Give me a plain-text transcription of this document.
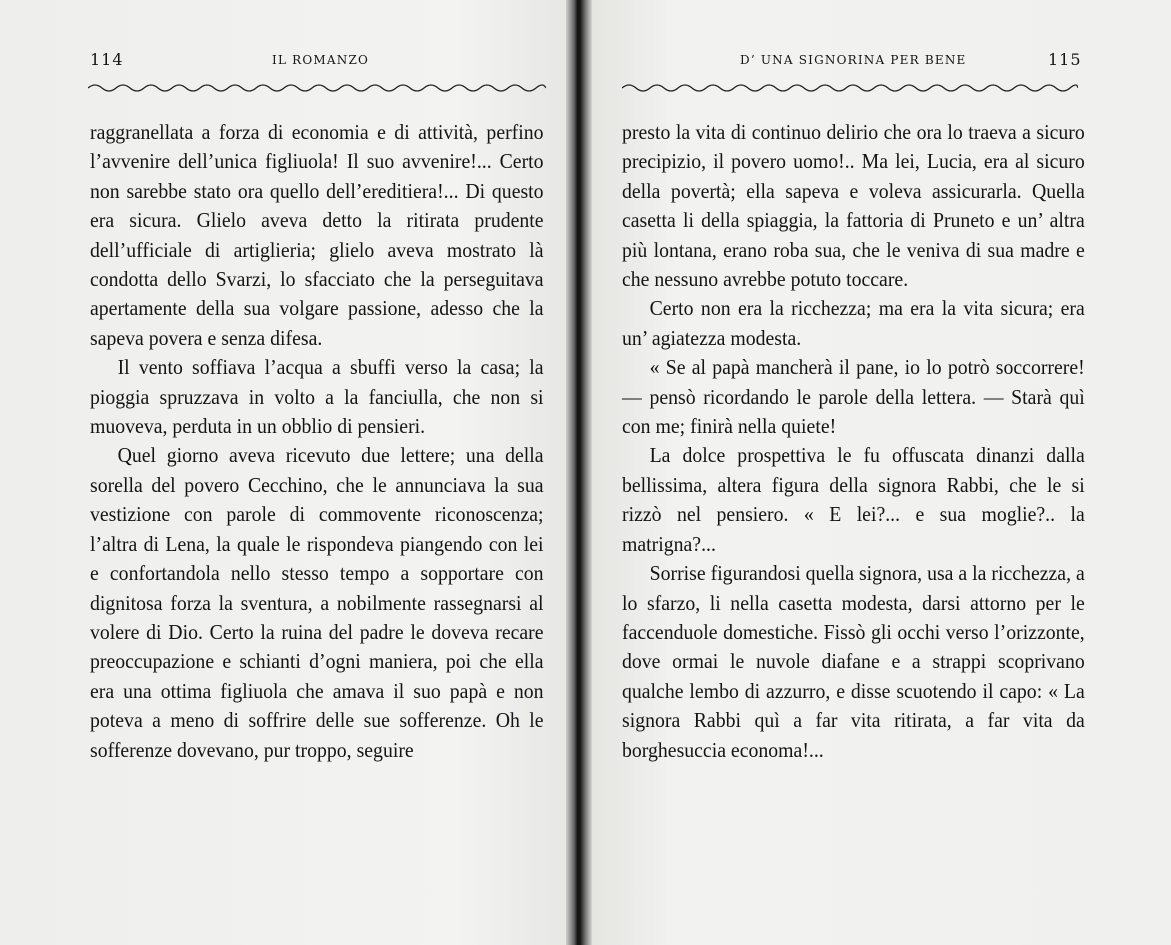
114	IL ROMANZO	D’ UNA SIGNORINA PER BENE	115

raggranellata a forza di economia e di attività, perfino l’avvenire dell’unica figliuola! Il suo avvenire!... Certo non sarebbe stato ora quello dell’ereditiera!... Di questo era sicura. Glielo aveva detto la ritirata prudente dell’ufficiale di artiglieria; glielo aveva mostrato là condotta dello Svarzi, lo sfacciato che la perseguitava apertamente della sua volgare passione, adesso che la sapeva povera e senza difesa.

Il vento soffiava l’acqua a sbuffi verso la casa; la pioggia spruzzava in volto a la fanciulla, che non si muoveva, perduta in un obblio di pensieri.

Quel giorno aveva ricevuto due lettere; una della sorella del povero Cecchino, che le annunciava la sua vestizione con parole di commovente riconoscenza; l’altra di Lena, la quale le rispondeva piangendo con lei e confortandola nello stesso tempo a sopportare con dignitosa forza la sventura, a nobilmente rassegnarsi al volere di Dio. Certo la ruina del padre le doveva recare preoccupazione e schianti d’ogni maniera, poi che ella era una ottima figliuola che amava il suo papà e non poteva a meno di soffrire delle sue sofferenze. Oh le sofferenze dovevano, pur troppo, seguire

presto la vita di continuo delirio che ora lo traeva a sicuro precipizio, il povero uomo!.. Ma lei, Lucia, era al sicuro della povertà; ella sapeva e voleva assicurarla. Quella casetta li della spiaggia, la fattoria di Pruneto e un’ altra più lontana, erano roba sua, che le veniva di sua madre e che nessuno avrebbe potuto toccare.

Certo non era la ricchezza; ma era la vita sicura; era un’ agiatezza modesta.

« Se al papà mancherà il pane, io lo potrò soccorrere! — pensò ricordando le parole della lettera. — Starà quì con me; finirà nella quiete!

La dolce prospettiva le fu offuscata dinanzi dalla bellissima, altera figura della signora Rabbi, che le si rizzò nel pensiero. « E lei?... e sua moglie?.. la matrigna?...

Sorrise figurandosi quella signora, usa a la ricchezza, a lo sfarzo, li nella casetta modesta, darsi attorno per le faccenduole domestiche. Fissò gli occhi verso l’orizzonte, dove ormai le nuvole diafane e a strappi scoprivano qualche lembo di azzurro, e disse scuotendo il capo: « La signora Rabbi quì a far vita ritirata, a far vita da borghesuccia economa!...
